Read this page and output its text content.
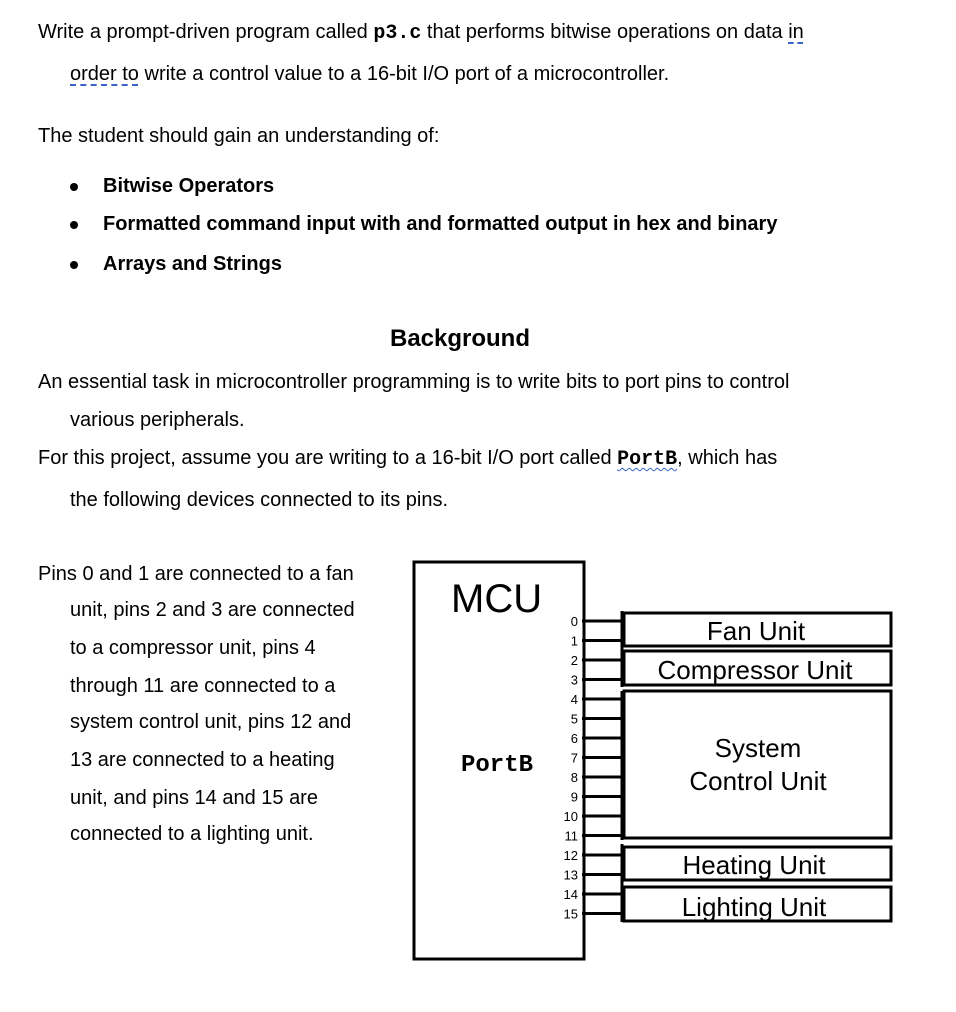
Write a prompt-driven program called p3.c that performs bitwise operations on data in
order to write a control value to a 16-bit I/O port of a microcontroller.
The student should gain an understanding of:
Bitwise Operators
Formatted command input with and formatted output in hex and binary
Arrays and Strings
Background
An essential task in microcontroller programming is to write bits to port pins to control
various peripherals.
For this project, assume you are writing to a 16-bit I/O port called PortB, which has
the following devices connected to its pins.
Pins 0 and 1 are connected to a fan
unit, pins 2 and 3 are connected
to a compressor unit, pins 4
through 11 are connected to a
system control unit, pins 12 and
13 are connected to a heating
unit, and pins 14 and 15 are
connected to a lighting unit.
MCU
PortB
0
1
2
3
4
5
6
7
8
9
10
11
12
13
14
15
Fan Unit
Compressor Unit
System
Control Unit
Heating Unit
Lighting Unit
